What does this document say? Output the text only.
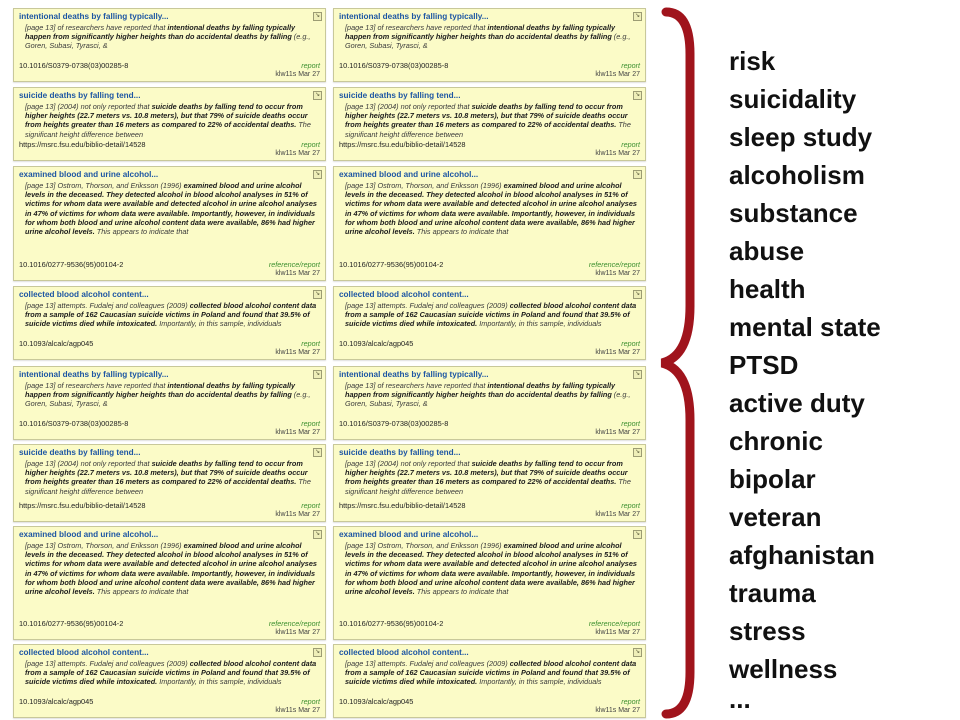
intentional deaths by falling typically...	↘
[page 13] of researchers have reported that intentional deaths by falling typically happen from significantly higher heights than do accidental deaths by falling (e.g., Goren, Subasi, Tyrasci, &
10.1016/S0379-0738(03)00285-8	report
klw11s Mar 27
suicide deaths by falling tend...	↘
[page 13] (2004) not only reported that suicide deaths by falling tend to occur from higher heights (22.7 meters vs. 10.8 meters), but that 79% of suicide deaths occur from heights greater than 16 meters as compared to 22% of accidental deaths. The significant height difference between
https://msrc.fsu.edu/biblio-detail/14528	report
klw11s Mar 27
examined blood and urine alcohol...	↘
[page 13] Ostrom, Thorson, and Eriksson (1996) examined blood and urine alcohol levels in the deceased. They detected alcohol in blood alcohol analyses in 51% of victims for whom data were available and detected alcohol in urine alcohol analyses in 47% of victims for whom data were available. Importantly, however, in individuals for whom both blood and urine alcohol content data were available, 86% had higher urine alcohol levels. This appears to indicate that
10.1016/0277-9536(95)00104-2	reference/report
klw11s Mar 27
collected blood alcohol content...	↘
[page 13] attempts. Fudalej and colleagues (2009) collected blood alcohol content data from a sample of 162 Caucasian suicide victims in Poland and found that 39.5% of suicide victims died while intoxicated. Importantly, in this sample, individuals
10.1093/alcalc/agp045	report
klw11s Mar 27
intentional deaths by falling typically...	↘
[page 13] of researchers have reported that intentional deaths by falling typically happen from significantly higher heights than do accidental deaths by falling (e.g., Goren, Subasi, Tyrasci, &
10.1016/S0379-0738(03)00285-8	report
klw11s Mar 27
suicide deaths by falling tend...	↘
[page 13] (2004) not only reported that suicide deaths by falling tend to occur from higher heights (22.7 meters vs. 10.8 meters), but that 79% of suicide deaths occur from heights greater than 16 meters as compared to 22% of accidental deaths. The significant height difference between
https://msrc.fsu.edu/biblio-detail/14528	report
klw11s Mar 27
examined blood and urine alcohol...	↘
[page 13] Ostrom, Thorson, and Eriksson (1996) examined blood and urine alcohol levels in the deceased. They detected alcohol in blood alcohol analyses in 51% of victims for whom data were available and detected alcohol in urine alcohol analyses in 47% of victims for whom data were available. Importantly, however, in individuals for whom both blood and urine alcohol content data were available, 86% had higher urine alcohol levels. This appears to indicate that
10.1016/0277-9536(95)00104-2	reference/report
klw11s Mar 27
collected blood alcohol content...	↘
[page 13] attempts. Fudalej and colleagues (2009) collected blood alcohol content data from a sample of 162 Caucasian suicide victims in Poland and found that 39.5% of suicide victims died while intoxicated. Importantly, in this sample, individuals
10.1093/alcalc/agp045	report
klw11s Mar 27
intentional deaths by falling typically...	↘
[page 13] of researchers have reported that intentional deaths by falling typically happen from significantly higher heights than do accidental deaths by falling (e.g., Goren, Subasi, Tyrasci, &
10.1016/S0379-0738(03)00285-8	report
klw11s Mar 27
suicide deaths by falling tend...	↘
[page 13] (2004) not only reported that suicide deaths by falling tend to occur from higher heights (22.7 meters vs. 10.8 meters), but that 79% of suicide deaths occur from heights greater than 16 meters as compared to 22% of accidental deaths. The significant height difference between
https://msrc.fsu.edu/biblio-detail/14528	report
klw11s Mar 27
examined blood and urine alcohol...	↘
[page 13] Ostrom, Thorson, and Eriksson (1996) examined blood and urine alcohol levels in the deceased. They detected alcohol in blood alcohol analyses in 51% of victims for whom data were available and detected alcohol in urine alcohol analyses in 47% of victims for whom data were available. Importantly, however, in individuals for whom both blood and urine alcohol content data were available, 86% had higher urine alcohol levels. This appears to indicate that
10.1016/0277-9536(95)00104-2	reference/report
klw11s Mar 27
collected blood alcohol content...	↘
[page 13] attempts. Fudalej and colleagues (2009) collected blood alcohol content data from a sample of 162 Caucasian suicide victims in Poland and found that 39.5% of suicide victims died while intoxicated. Importantly, in this sample, individuals
10.1093/alcalc/agp045	report
klw11s Mar 27
intentional deaths by falling typically...	↘
[page 13] of researchers have reported that intentional deaths by falling typically happen from significantly higher heights than do accidental deaths by falling (e.g., Goren, Subasi, Tyrasci, &
10.1016/S0379-0738(03)00285-8	report
klw11s Mar 27
suicide deaths by falling tend...	↘
[page 13] (2004) not only reported that suicide deaths by falling tend to occur from higher heights (22.7 meters vs. 10.8 meters), but that 79% of suicide deaths occur from heights greater than 16 meters as compared to 22% of accidental deaths. The significant height difference between
https://msrc.fsu.edu/biblio-detail/14528	report
klw11s Mar 27
examined blood and urine alcohol...	↘
[page 13] Ostrom, Thorson, and Eriksson (1996) examined blood and urine alcohol levels in the deceased. They detected alcohol in blood alcohol analyses in 51% of victims for whom data were available and detected alcohol in urine alcohol analyses in 47% of victims for whom data were available. Importantly, however, in individuals for whom both blood and urine alcohol content data were available, 86% had higher urine alcohol levels. This appears to indicate that
10.1016/0277-9536(95)00104-2	reference/report
klw11s Mar 27
collected blood alcohol content...	↘
[page 13] attempts. Fudalej and colleagues (2009) collected blood alcohol content data from a sample of 162 Caucasian suicide victims in Poland and found that 39.5% of suicide victims died while intoxicated. Importantly, in this sample, individuals
10.1093/alcalc/agp045	report
klw11s Mar 27
risk
suicidality
sleep study
alcoholism
substance
abuse
health
mental state
PTSD
active duty
chronic
bipolar
veteran
afghanistan
trauma
stress
wellness
...
